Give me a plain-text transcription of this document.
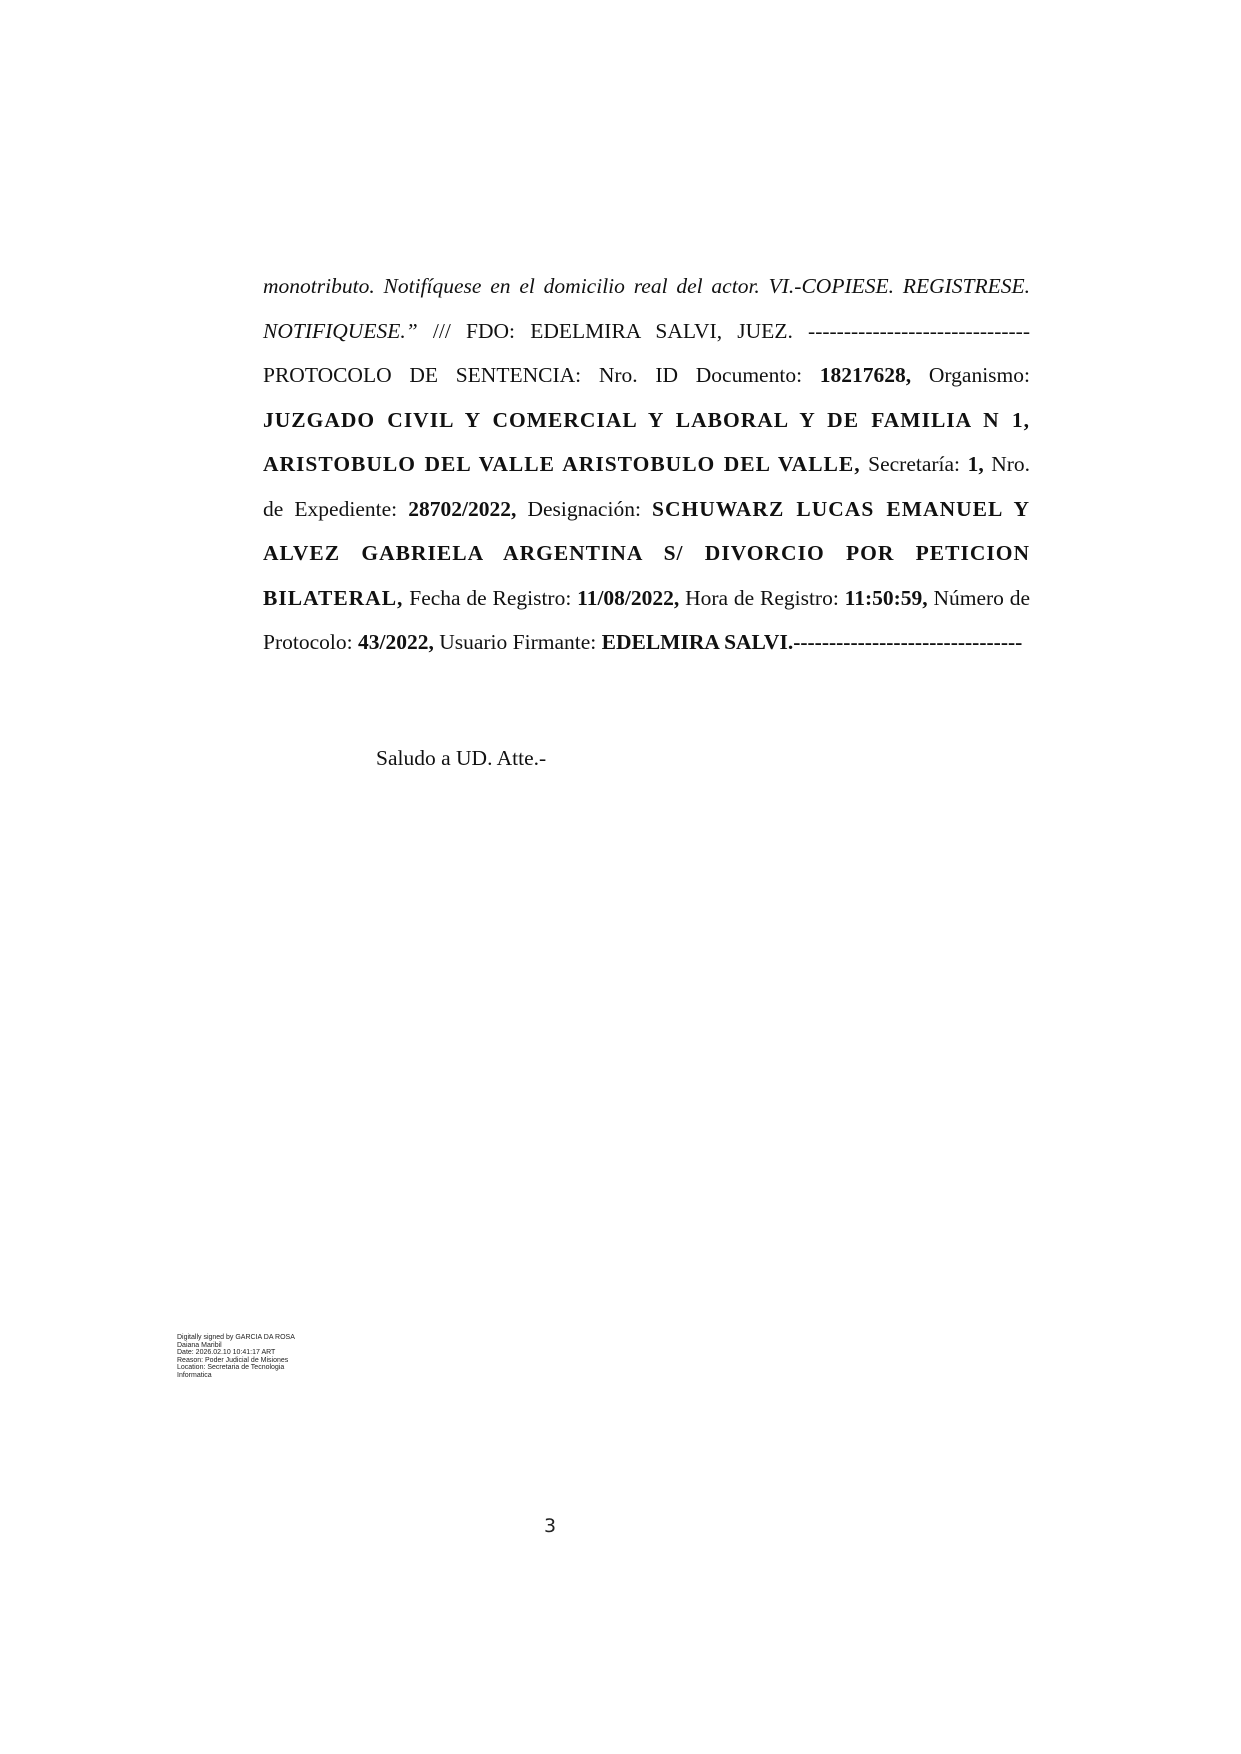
monotributo. Notifíquese en el domicilio real del actor. VI.-COPIESE. REGISTRESE. NOTIFIQUESE.” /// FDO: EDELMIRA SALVI, JUEZ. ------------------------------- PROTOCOLO DE SENTENCIA: Nro. ID Documento: 18217628, Organismo: JUZGADO CIVIL Y COMERCIAL Y LABORAL Y DE FAMILIA N 1, ARISTOBULO DEL VALLE ARISTOBULO DEL VALLE, Secretaría: 1, Nro. de Expediente: 28702/2022, Designación: SCHUWARZ LUCAS EMANUEL Y ALVEZ GABRIELA ARGENTINA S/ DIVORCIO POR PETICION BILATERAL, Fecha de Registro: 11/08/2022, Hora de Registro: 11:50:59, Número de Protocolo: 43/2022, Usuario Firmante: EDELMIRA SALVI.--------------------------------

Saludo a UD. Atte.-
Digitally signed by GARCIA DA ROSA
Daiana Maribil
Date: 2026.02.10 10:41:17 ART
Reason: Poder Judicial de Misiones
Location: Secretaria de Tecnologia
Informatica
3
